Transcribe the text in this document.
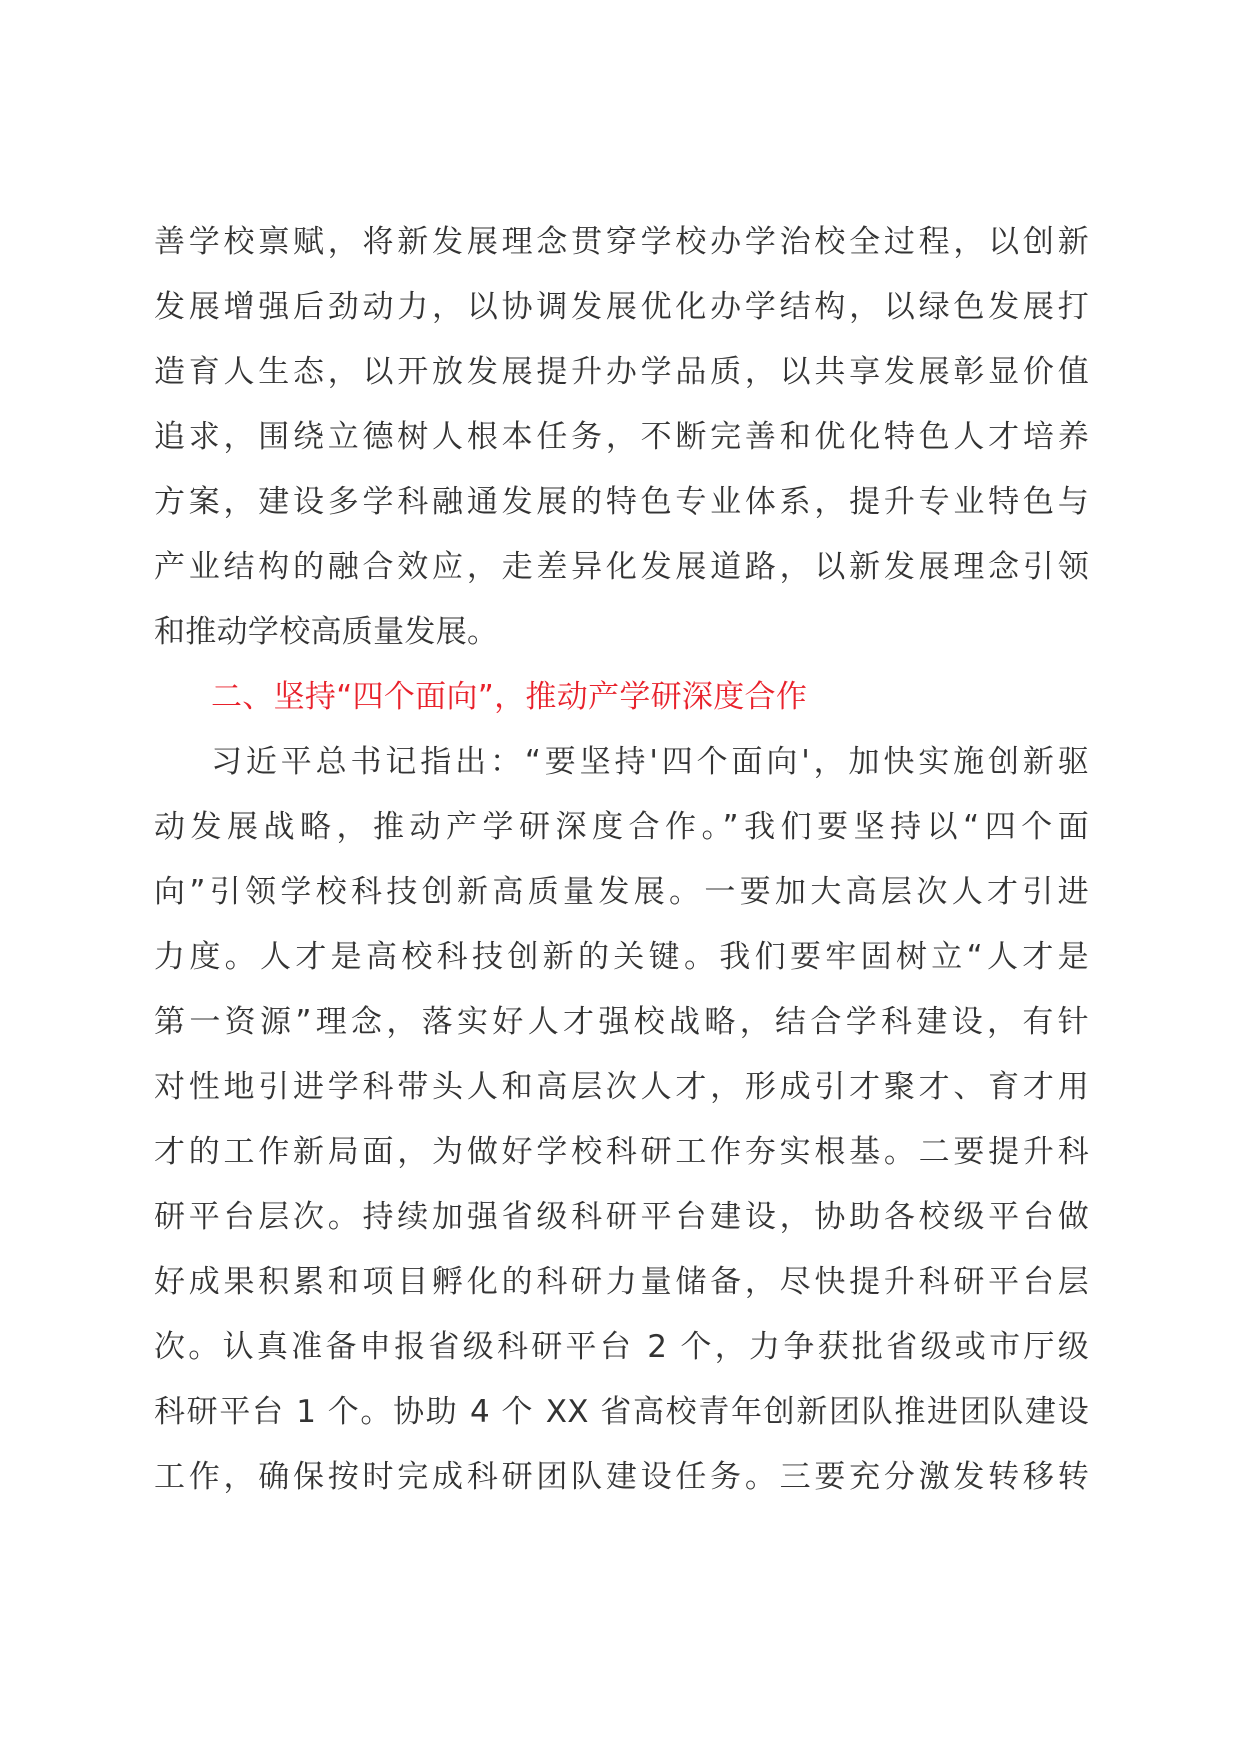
善学校禀赋，将新发展理念贯穿学校办学治校全过程，以创新
发展增强后劲动力，以协调发展优化办学结构，以绿色发展打
造育人生态，以开放发展提升办学品质，以共享发展彰显价值
追求，围绕立德树人根本任务，不断完善和优化特色人才培养
方案，建设多学科融通发展的特色专业体系，提升专业特色与
产业结构的融合效应，走差异化发展道路，以新发展理念引领
和推动学校高质量发展。
二、坚持“四个面向”，推动产学研深度合作
习近平总书记指出：“要坚持'四个面向'，加快实施创新驱
动发展战略，推动产学研深度合作。”我们要坚持以“四个面
向”引领学校科技创新高质量发展。一要加大高层次人才引进
力度。人才是高校科技创新的关键。我们要牢固树立“人才是
第一资源”理念，落实好人才强校战略，结合学科建设，有针
对性地引进学科带头人和高层次人才，形成引才聚才、育才用
才的工作新局面，为做好学校科研工作夯实根基。二要提升科
研平台层次。持续加强省级科研平台建设，协助各校级平台做
好成果积累和项目孵化的科研力量储备，尽快提升科研平台层
次。认真准备申报省级科研平台 2 个，力争获批省级或市厅级
科研平台 1 个。协助 4 个 XX 省高校青年创新团队推进团队建设
工作，确保按时完成科研团队建设任务。三要充分激发转移转
